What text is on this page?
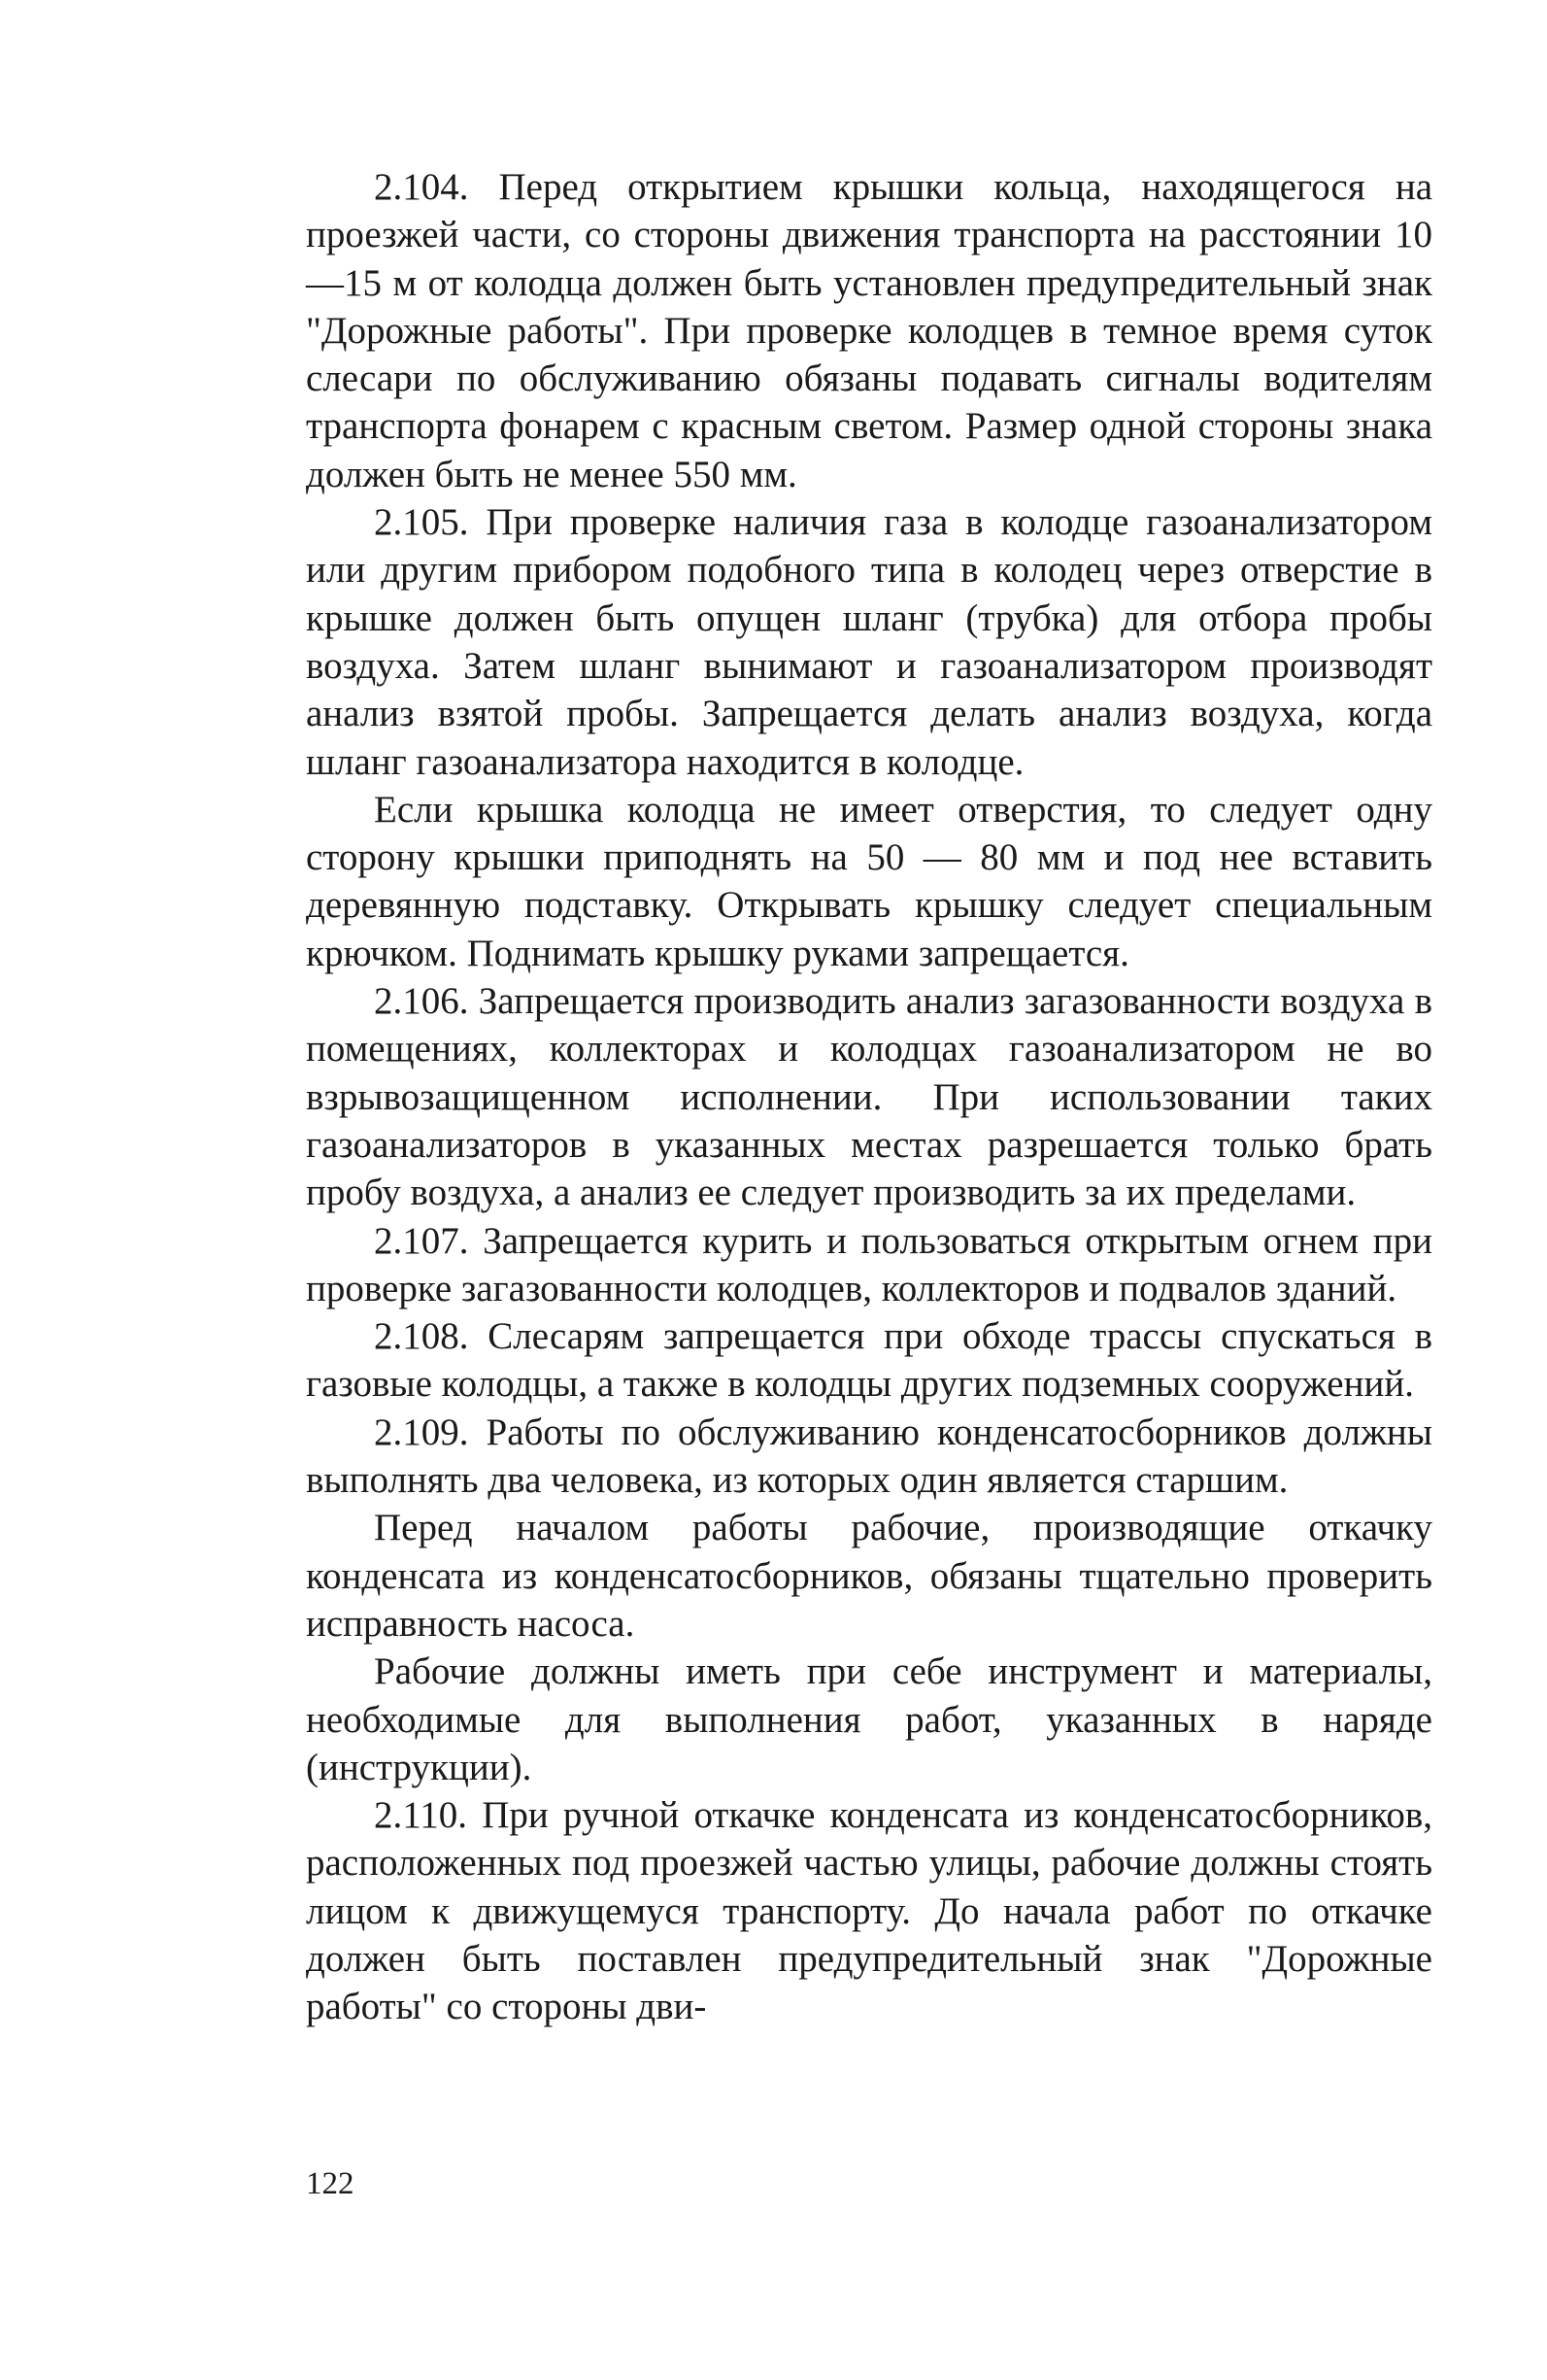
2.104. Перед открытием крышки кольца, находящегося на проезжей части, со стороны движения транспорта на расстоянии 10 —15 м от колодца должен быть установлен предупредительный знак "Дорожные работы". При проверке колодцев в темное время суток слесари по обслуживанию обязаны подавать сигналы водителям транспорта фонарем с красным светом. Размер одной стороны знака должен быть не менее 550 мм.

2.105. При проверке наличия газа в колодце газоанализатором или другим прибором подобного типа в колодец через отверстие в крышке должен быть опущен шланг (трубка) для отбора пробы воздуха. Затем шланг вынимают и газоанализатором производят анализ взятой пробы. Запрещается делать анализ воздуха, когда шланг газоанализатора находится в колодце.

Если крышка колодца не имеет отверстия, то следует одну сторону крышки приподнять на 50 — 80 мм и под нее вставить деревянную подставку. Открывать крышку следует специальным крючком. Поднимать крышку руками запрещается.

2.106. Запрещается производить анализ загазованности воздуха в помещениях, коллекторах и колодцах газоанализатором не во взрывозащищенном исполнении. При использовании таких газоанализаторов в указанных местах разрешается только брать пробу воздуха, а анализ ее следует производить за их пределами.

2.107. Запрещается курить и пользоваться открытым огнем при проверке загазованности колодцев, коллекторов и подвалов зданий.

2.108. Слесарям запрещается при обходе трассы спускаться в газовые колодцы, а также в колодцы других подземных сооружений.

2.109. Работы по обслуживанию конденсатосборников должны выполнять два человека, из которых один является старшим.

Перед началом работы рабочие, производящие откачку конденсата из конденсатосборников, обязаны тщательно проверить исправность насоса.

Рабочие должны иметь при себе инструмент и материалы, необходимые для выполнения работ, указанных в наряде (инструкции).

2.110. При ручной откачке конденсата из конденсатосборников, расположенных под проезжей частью улицы, рабочие должны стоять лицом к движущемуся транспорту. До начала работ по откачке должен быть поставлен предупредительный знак "Дорожные работы" со стороны дви-

122
